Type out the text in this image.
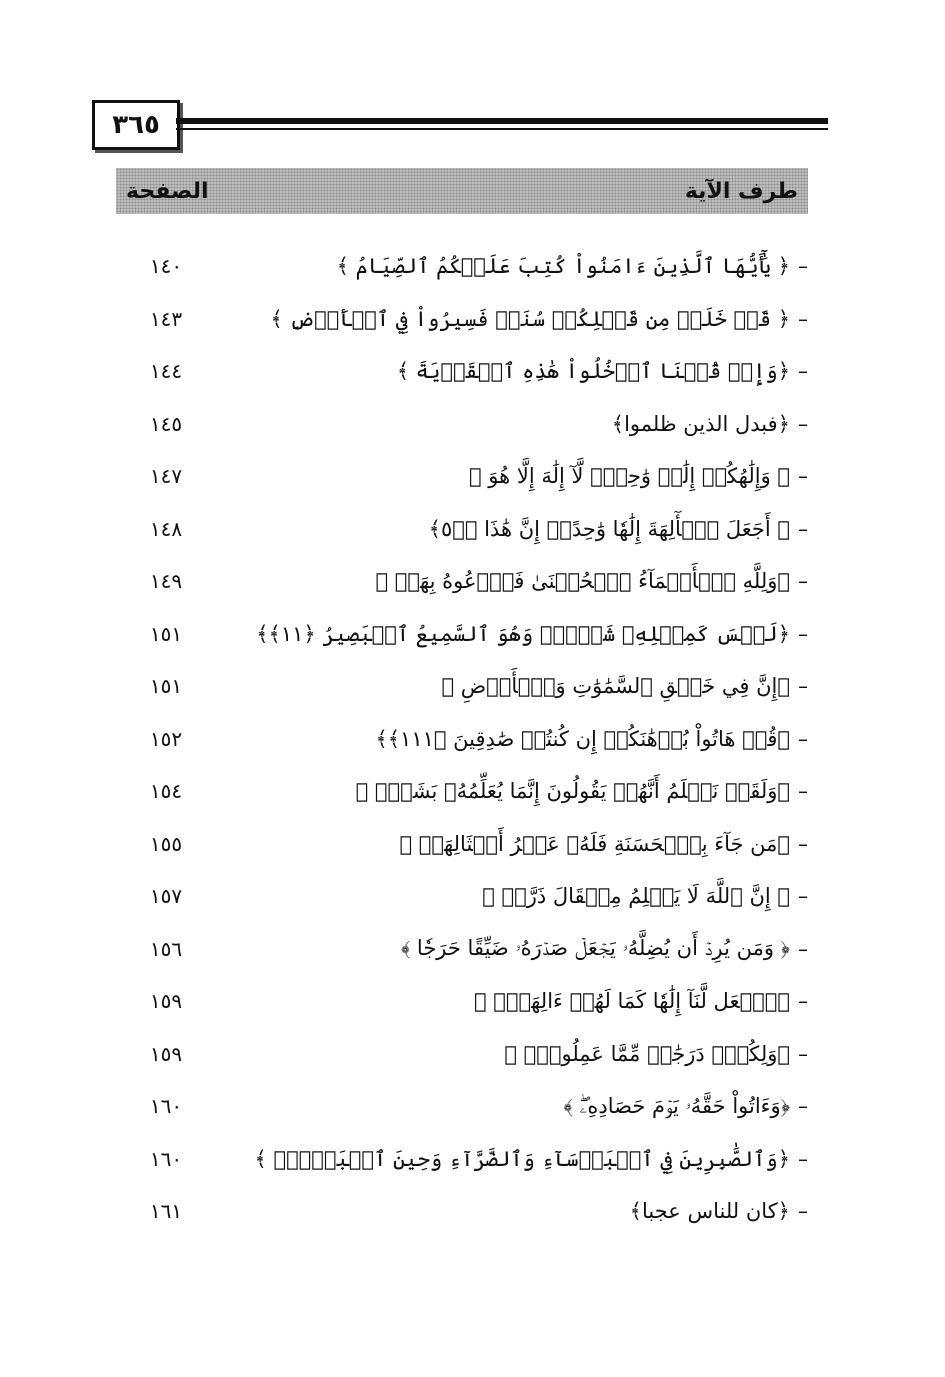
٣٦٥
طرف الآية
الصفحة
–
﴿ يَٰٓأَيُّهَا ٱلَّذِينَ ءَامَنُواْ كُتِبَ عَلَيۡكُمُ ٱلصِّيَامُ ﴾
١٤٠
–
﴿ قَدۡ خَلَتۡ مِن قَبۡلِكُمۡ سُنَنٞ فَسِيرُواْ فِي ٱلۡأَرۡضِ ﴾
١٤٣
–
﴿وَإِذۡ قُلۡنَا ٱدۡخُلُواْ هَٰذِهِ ٱلۡقَرۡيَةَ ﴾
١٤٤
–
﴿فبدل الذين ظلموا﴾
١٤٥
–
﴿ وَإِلَٰهُكُمۡ إِلَٰهٞ وَٰحِدٞۖ لَّآ إِلَٰهَ إِلَّا هُوَ ﴾
١٤٧
–
﴿ أَجَعَلَ ٱلۡأٓلِهَةَ إِلَٰهٗا وَٰحِدًاۖ إِنَّ هَٰذَا ﴾﴿٥﴾
١٤٨
–
﴿وَلِلَّهِ ٱلۡأَسۡمَآءُ ٱلۡحُسۡنَىٰ فَٱدۡعُوهُ بِهَاۖ ﴾
١٤٩
–
﴿لَيۡسَ كَمِثۡلِهِۦ شَيۡءٞۖ وَهُوَ ٱلسَّمِيعُ ٱلۡبَصِيرُ ﴿١١﴾﴾
١٥١
–
﴿إِنَّ فِي خَلۡقِ ٱلسَّمَٰوَٰتِ وَٱلۡأَرۡضِ ﴾
١٥١
–
﴿قُلۡ هَاتُواْ بُرۡهَٰنَكُمۡ إِن كُنتُمۡ صَٰدِقِينَ ﴿١١١﴾﴾
١٥٢
–
﴿وَلَقَدۡ نَعۡلَمُ أَنَّهُمۡ يَقُولُونَ إِنَّمَا يُعَلِّمُهُۥ بَشَرٞۗ ﴾
١٥٤
–
﴿مَن جَآءَ بِٱلۡحَسَنَةِ فَلَهُۥ عَشۡرُ أَمۡثَالِهَاۖ ﴾
١٥٥
–
﴿ إِنَّ ٱللَّهَ لَا يَظۡلِمُ مِثۡقَالَ ذَرَّةٖ ﴾
١٥٧
–
﴿ وَمَن يُرِدۡ أَن يُضِلَّهُۥ يَجۡعَلۡ صَدۡرَهُۥ ضَيِّقًا حَرَجٗا ﴾
١٥٦
–
﴿ٱجۡعَل لَّنَآ إِلَٰهٗا كَمَا لَهُمۡ ءَالِهَةٞۚ ﴾
١٥٩
–
﴿وَلِكُلّٖ دَرَجَٰتٞ مِّمَّا عَمِلُواْۚ ﴾
١٥٩
–
﴿وَءَاتُواْ حَقَّهُۥ يَوۡمَ حَصَادِهِۦۖ ﴾
١٦٠
–
﴿وَٱلصَّٰبِرِينَ فِي ٱلۡبَأۡسَآءِ وَٱلضَّرَّآءِ وَحِينَ ٱلۡبَأۡسِۗ ﴾
١٦٠
–
﴿كان للناس عجبا﴾
١٦١
